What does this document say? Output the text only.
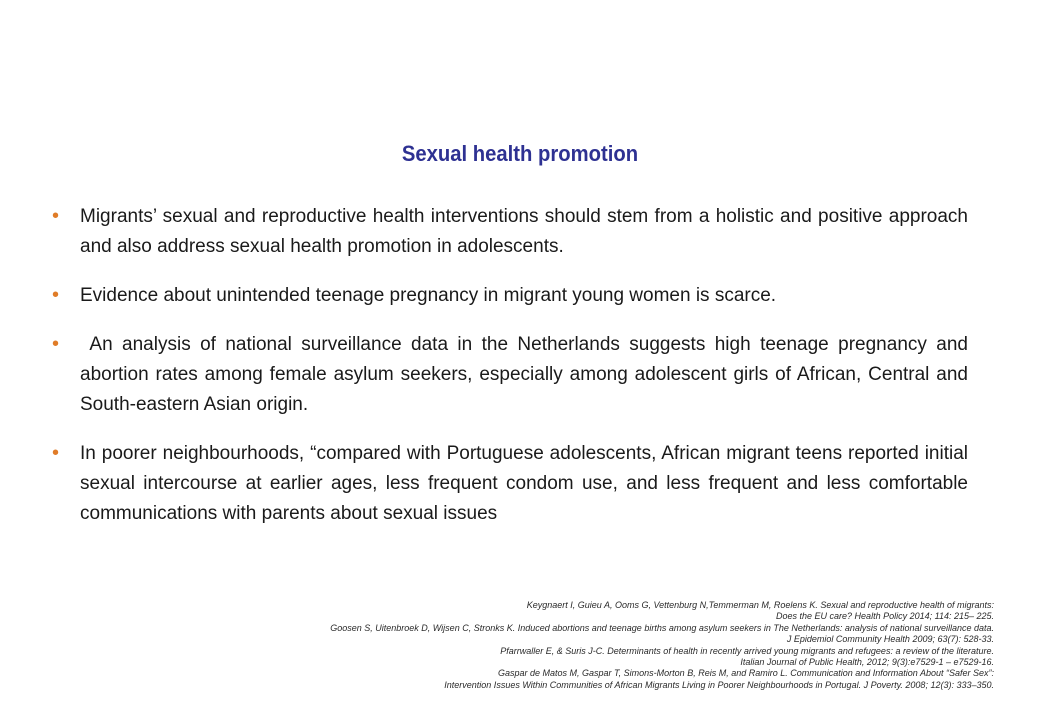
Sexual health promotion
• Migrants’ sexual and reproductive health interventions should stem from a holistic and positive approach and also address sexual health promotion in adolescents.
• Evidence about unintended teenage pregnancy in migrant young women is scarce.
• An analysis of national surveillance data in the Netherlands suggests high teenage pregnancy and abortion rates among female asylum seekers, especially among adolescent girls of African, Central and South-eastern Asian origin.
• In poorer neighbourhoods, “compared with Portuguese adolescents, African migrant teens reported initial sexual intercourse at earlier ages, less frequent condom use, and less frequent and less comfortable communications with parents about sexual issues
Keygnaert I, Guieu A, Ooms G, Vettenburg N,Temmerman M, Roelens K. Sexual and reproductive health of migrants:
Does the EU care? Health Policy 2014; 114: 215– 225.
Goosen S, Uitenbroek D, Wijsen C, Stronks K. Induced abortions and teenage births among asylum seekers in The Netherlands: analysis of national surveillance data.
J Epidemiol Community Health 2009; 63(7): 528-33.
Pfarrwaller E, & Suris J-C. Determinants of health in recently arrived young migrants and refugees: a review of the literature.
Italian Journal of Public Health, 2012; 9(3):e7529-1 – e7529-16.
Gaspar de Matos M, Gaspar T, Simons-Morton B, Reis M, and Ramiro L. Communication and Information About “Safer Sex”:
Intervention Issues Within Communities of African Migrants Living in Poorer Neighbourhoods in Portugal. J Poverty. 2008; 12(3): 333–350.
